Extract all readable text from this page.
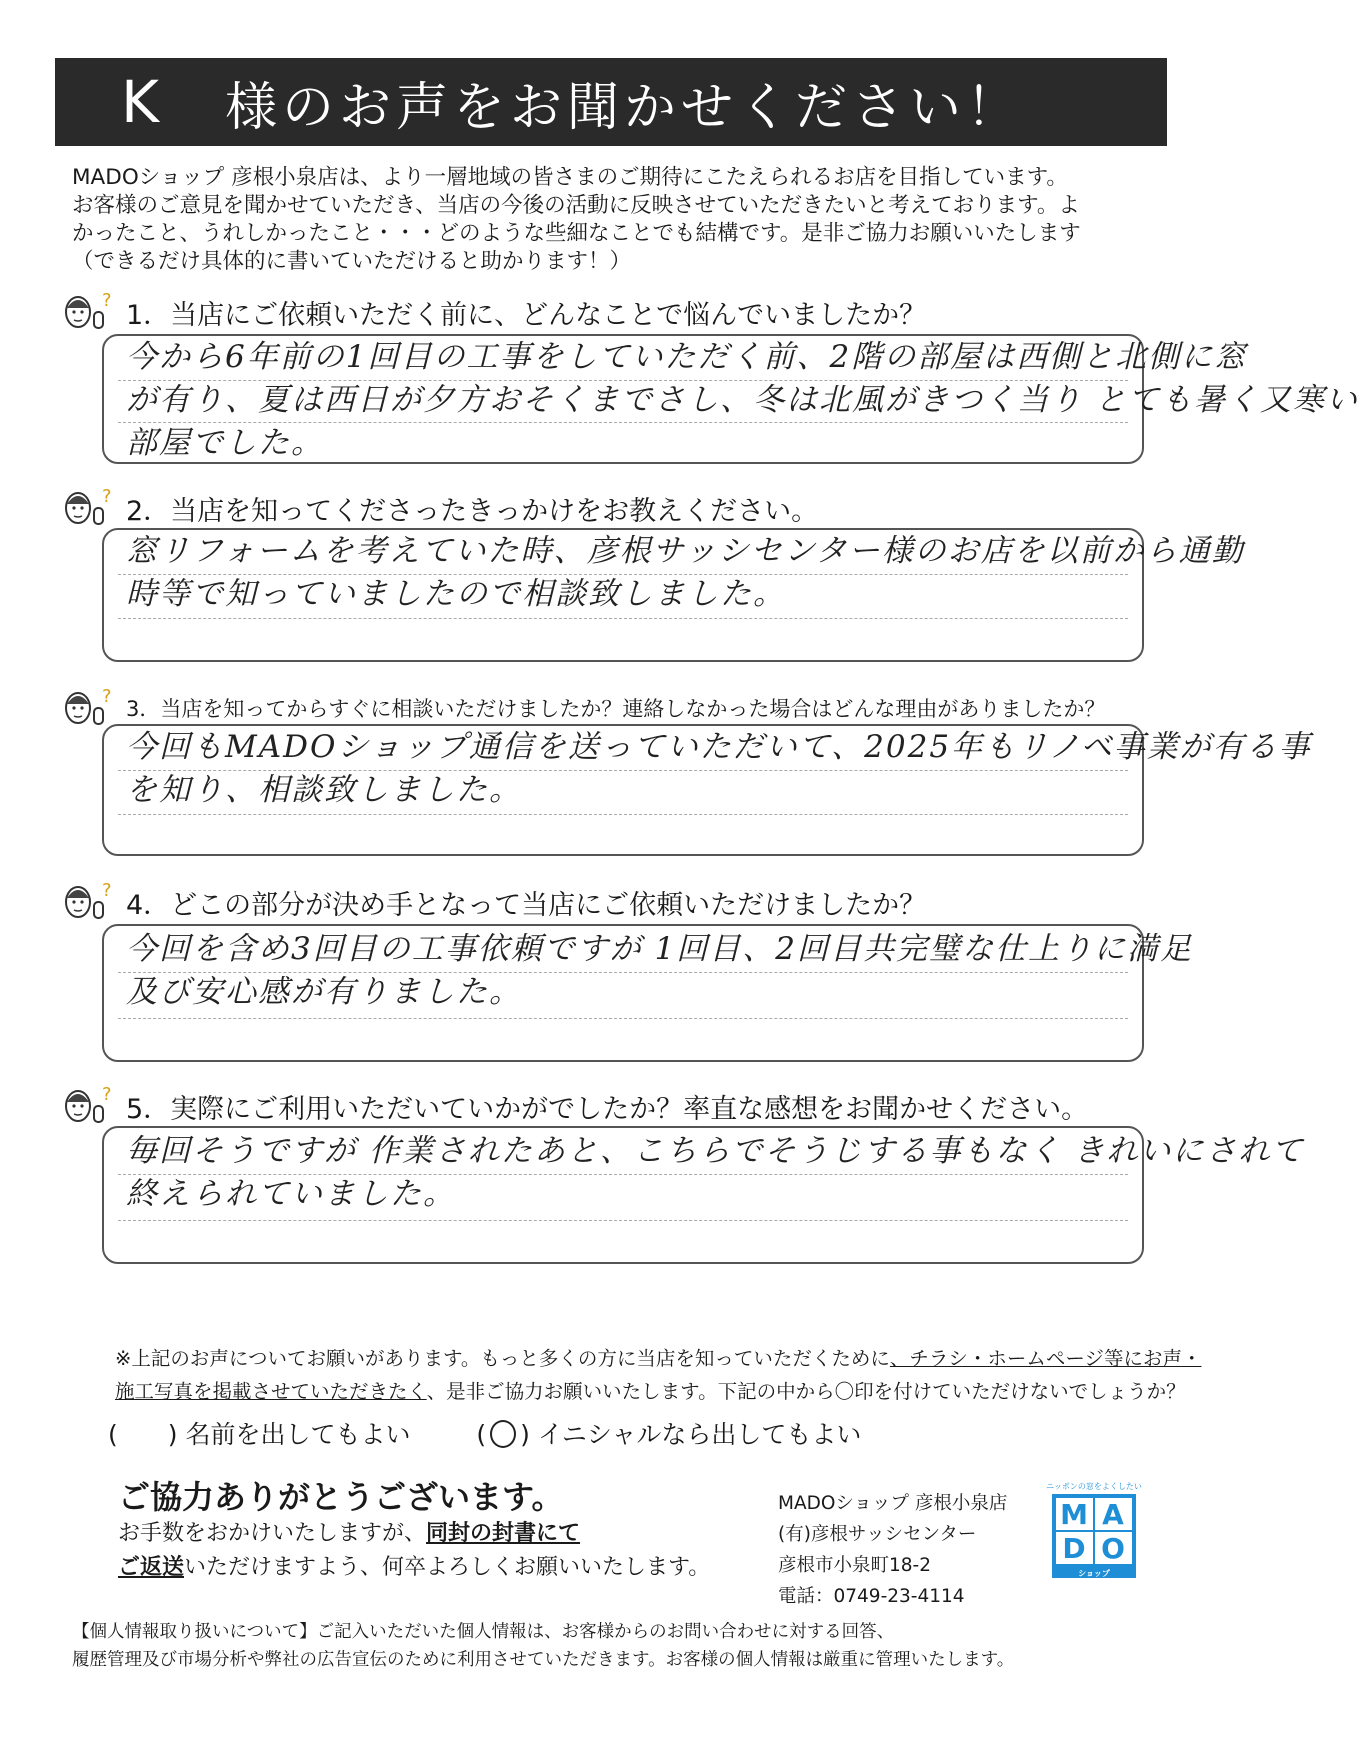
K	様のお声をお聞かせください！

MADOショップ 彦根小泉店は、より一層地域の皆さまのご期待にこたえられるお店を目指しています。

お客様のご意見を聞かせていただき、当店の今後の活動に反映させていただきたいと考えております。よ

かったこと、うれしかったこと・・・どのような些細なことでも結構です。是非ご協力お願いいたします

（できるだけ具体的に書いていただけると助かります！）

? 1．当店にご依頼いただく前に、どんなことで悩んでいましたか？
今から6年前の1回目の工事をしていただく前、2階の部屋は西側と北側に窓
が有り、夏は西日が夕方おそくまでさし、冬は北風がきつく当り とても暑く又寒い
部屋でした。
? 2．当店を知ってくださったきっかけをお教えください。
窓リフォームを考えていた時、彦根サッシセンター様のお店を以前から通勤
時等で知っていましたので相談致しました。
?
3．当店を知ってからすぐに相談いただけましたか？連絡しなかった場合はどんな理由がありましたか？
今回もMADOショップ通信を送っていただいて、2025年もリノベ事業が有る事
を知り、相談致しました。
? 4．どこの部分が決め手となって当店にご依頼いただけましたか？
今回を含め3回目の工事依頼ですが 1回目、2回目共完璧な仕上りに満足
及び安心感が有りました。
? 5．実際にご利用いただいていかがでしたか？率直な感想をお聞かせください。
毎回そうですが 作業されたあと、こちらでそうじする事もなく きれいにされて
終えられていました。

※上記のお声についてお願いがあります。もっと多くの方に当店を知っていただくために、チラシ・ホームページ等にお声・

施工写真を掲載させていただきたく、是非ご協力お願いいたします。下記の中から〇印を付けていただけないでしょうか？

(　　) 名前を出してもよい	( ○ ) イニシャルなら出してもよい
ご協力ありがとうございます。

お手数をおかけいたしますが、同封の封書にて

ご返送いただけますよう、何卒よろしくお願いいたします。

MADOショップ 彦根小泉店

(有)彦根サッシセンター

彦根市小泉町18-2

電話：0749-23-4114

ニッポンの窓をよくしたい
M A
D O
ショップ

【個人情報取り扱いについて】ご記入いただいた個人情報は、お客様からのお問い合わせに対する回答、

履歴管理及び市場分析や弊社の広告宣伝のために利用させていただきます。お客様の個人情報は厳重に管理いたします。
